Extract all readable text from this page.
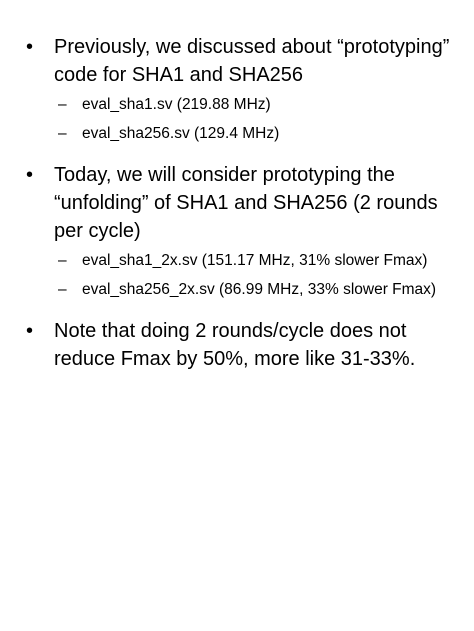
• Previously, we discussed about “prototyping” code for SHA1 and SHA256
– eval_sha1.sv (219.88 MHz)
– eval_sha256.sv (129.4 MHz)
• Today, we will consider prototyping the “unfolding” of SHA1 and SHA256 (2 rounds per cycle)
– eval_sha1_2x.sv (151.17 MHz, 31% slower Fmax)
– eval_sha256_2x.sv (86.99 MHz, 33% slower Fmax)
• Note that doing 2 rounds/cycle does not reduce Fmax by 50%, more like 31-33%.
